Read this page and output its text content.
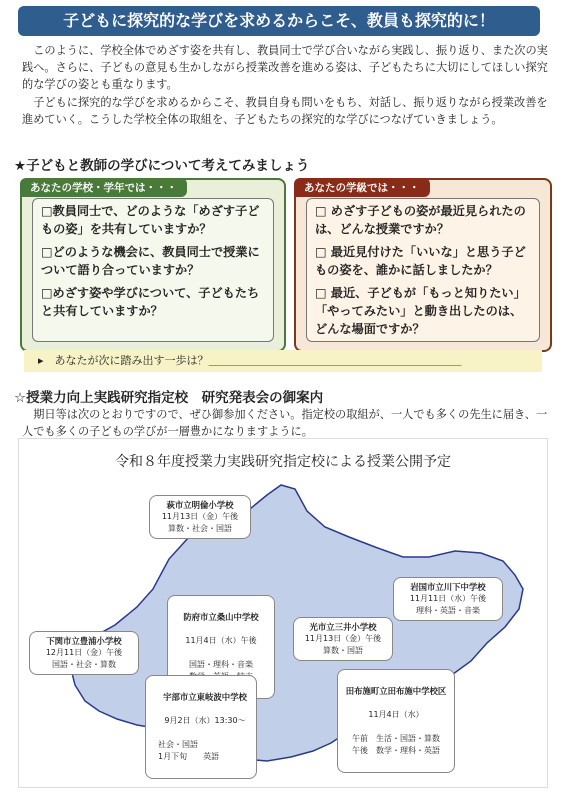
子どもに探究的な学びを求めるからこそ、教員も探究的に！

このように、学校全体でめざす姿を共有し、教員同士で学び合いながら実践し、振り返り、また次の実践へ。さらに、子どもの意見も生かしながら授業改善を進める姿は、子どもたちに大切にしてほしい探究的な学びの姿とも重なります。

子どもに探究的な学びを求めるからこそ、教員自身も問いをもち、対話し、振り返りながら授業改善を進めていく。こうした学校全体の取組を、子どもたちの探究的な学びにつなげていきましょう。

★子どもと教師の学びについて考えてみましょう
あなたの学校・学年では・・・

□教員同士で、どのような「めざす子どもの姿」を共有していますか？

□どのような機会に、教員同士で授業について語り合っていますか？

□めざす姿や学びについて、子どもたちと共有していますか？

あなたの学級では・・・

□ めざす子どもの姿が最近見られたのは、どんな授業ですか？

□ 最近見付けた「いいな」と思う子どもの姿を、誰かに話しましたか？

□ 最近、子どもが「もっと知りたい」「やってみたい」と動き出したのは、どんな場面ですか？

▸　あなたが次に踏み出す一歩は？＿＿＿＿＿＿＿＿＿＿＿＿＿＿＿＿＿＿＿＿＿＿＿
☆授業力向上実践研究指定校　研究発表会の御案内

期日等は次のとおりですので、ぜひ御参加ください。指定校の取組が、一人でも多くの先生に届き、一人でも多くの子どもの学びが一層豊かになりますように。

令和８年度授業力実践研究指定校による授業公開予定
萩市立明倫小学校
11月13日（金）午後
算数・社会・国語
岩国市立川下中学校
11月11日（水）午後
理科・英語・音楽

防府市立桑山中学校

11月4日（水）午後

国語・理科・音楽

光市立三井小学校
11月13日（金）午後
算数・国語
下関市立豊浦小学校
12月11日（金）午後
国語・社会・算数

宇部市立東岐波中学校

9月2日（水）13:30～

社会・国語
1月下旬　　英語

田布施町立田布施中学校区

11月4日（水）

午前　生活・国語・算数
午後　数学・理科・英語
